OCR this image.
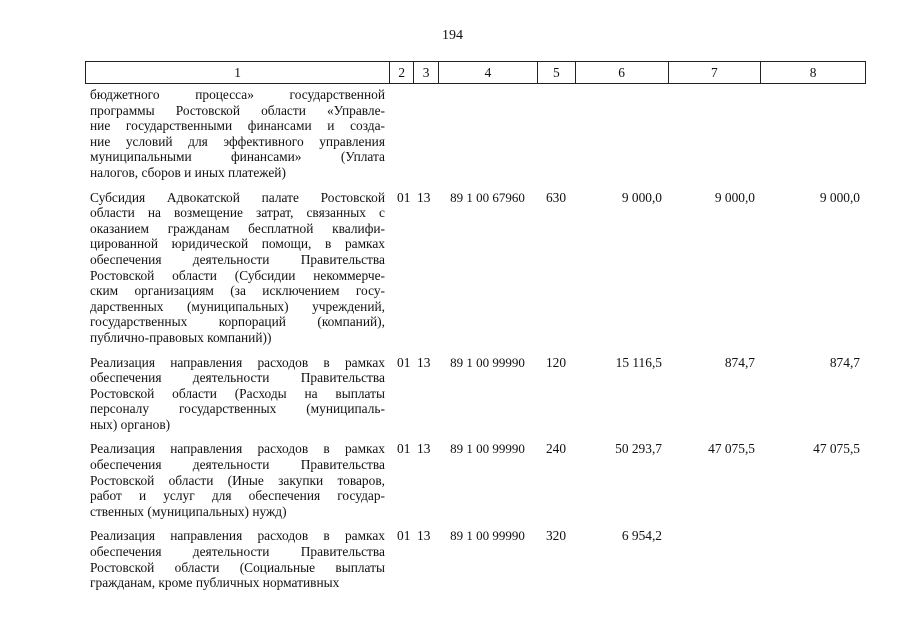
194
1	2	3	4	5	6	7	8
бюджетного процесса» государственной
программы Ростовской области «Управле-
ние государственными финансами и созда-
ние условий для эффективного управления
муниципальными финансами» (Уплата
налогов, сборов и иных платежей)
Субсидия Адвокатской палате Ростовской
области на возмещение затрат, связанных с
оказанием гражданам бесплатной квалифи-
цированной юридической помощи, в рамках
обеспечения деятельности Правительства
Ростовской области (Субсидии некоммерче-
ским организациям (за исключением госу-
дарственных (муниципальных) учреждений,
государственных корпораций (компаний),
публично-правовых компаний))
01 13	89 1 00 67960	630	9 000,0	9 000,0	9 000,0
Реализация направления расходов в рамках
обеспечения деятельности Правительства
Ростовской области (Расходы на выплаты
персоналу государственных (муниципаль-
ных) органов)
01 13	89 1 00 99990	120	15 116,5	874,7	874,7
Реализация направления расходов в рамках
обеспечения деятельности Правительства
Ростовской области (Иные закупки товаров,
работ и услуг для обеспечения государ-
ственных (муниципальных) нужд)
01 13	89 1 00 99990	240	50 293,7	47 075,5	47 075,5
Реализация направления расходов в рамках
обеспечения деятельности Правительства
Ростовской области (Социальные выплаты
гражданам, кроме публичных нормативных
01 13	89 1 00 99990	320	6 954,2
